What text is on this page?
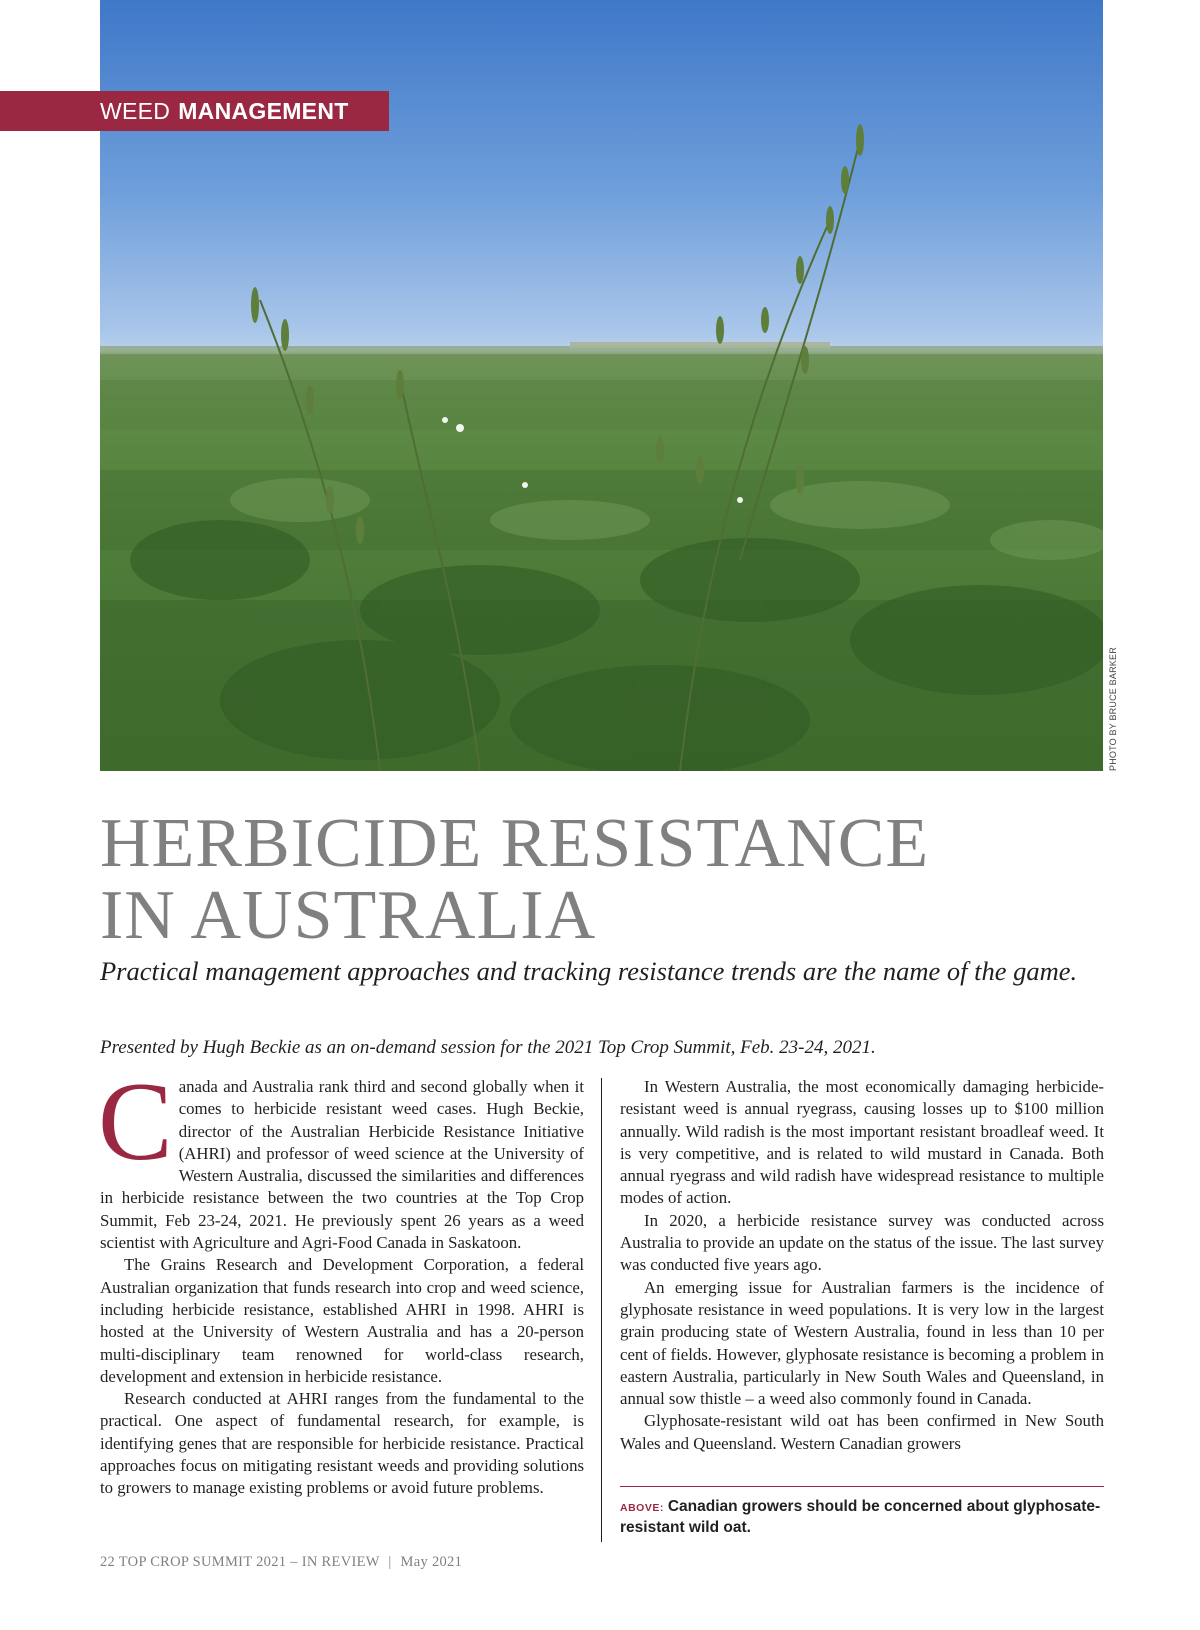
PHOTO BY BRUCE BARKER
WEED MANAGEMENT
HERBICIDE RESISTANCE
IN AUSTRALIA

Practical management approaches and tracking resistance trends are the name of the game.

Presented by Hugh Beckie as an on-demand session for the 2021 Top Crop Summit, Feb. 23-24, 2021.

Canada and Australia rank third and second globally when it comes to herbicide resistant weed cases. Hugh Beckie, director of the Australian Herbicide Resistance Initiative (AHRI) and professor of weed science at the University of Western Australia, discussed the similarities and differences in herbicide resistance between the two countries at the Top Crop Summit, Feb 23-24, 2021. He previously spent 26 years as a weed scientist with Agriculture and Agri-Food Canada in Saskatoon.

The Grains Research and Development Corporation, a federal Australian organization that funds research into crop and weed science, including herbicide resistance, established AHRI in 1998. AHRI is hosted at the University of Western Australia and has a 20-person multi-disciplinary team renowned for world-class research, development and extension in herbicide resistance.

Research conducted at AHRI ranges from the fundamental to the practical. One aspect of fundamental research, for example, is identifying genes that are responsible for herbicide resistance. Practical approaches focus on mitigating resistant weeds and providing solutions to growers to manage existing problems or avoid future problems.

In Western Australia, the most economically damaging herbicide-resistant weed is annual ryegrass, causing losses up to $100 million annually. Wild radish is the most important resistant broadleaf weed. It is very competitive, and is related to wild mustard in Canada. Both annual ryegrass and wild radish have widespread resistance to multiple modes of action.

In 2020, a herbicide resistance survey was conducted across Australia to provide an update on the status of the issue. The last survey was conducted five years ago.

An emerging issue for Australian farmers is the incidence of glyphosate resistance in weed populations. It is very low in the largest grain producing state of Western Australia, found in less than 10 per cent of fields. However, glyphosate resistance is becoming a problem in eastern Australia, particularly in New South Wales and Queensland, in annual sow thistle – a weed also commonly found in Canada.

Glyphosate-resistant wild oat has been confirmed in New South Wales and Queensland. Western Canadian growers

ABOVE: Canadian growers should be concerned about glyphosate-resistant wild oat.
22 TOP CROP SUMMIT 2021 – IN REVIEW | May 2021
